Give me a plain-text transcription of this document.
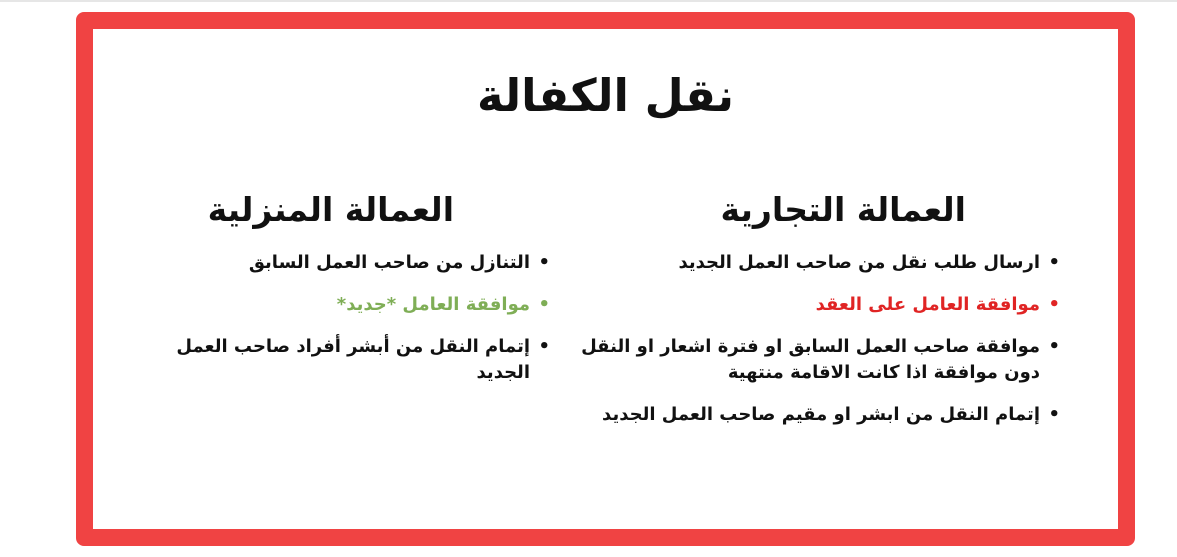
نقل الكفالة
العمالة التجارية
• ارسال طلب نقل من صاحب العمل الجديد
• موافقة العامل على العقد
• موافقة صاحب العمل السابق او فترة اشعار او النقل دون موافقة اذا كانت الاقامة منتهية
• إتمام النقل من ابشر او مقيم صاحب العمل الجديد
العمالة المنزلية
• التنازل من صاحب العمل السابق
• موافقة العامل *جديد*
• إتمام النقل من أبشر أفراد صاحب العمل الجديد
